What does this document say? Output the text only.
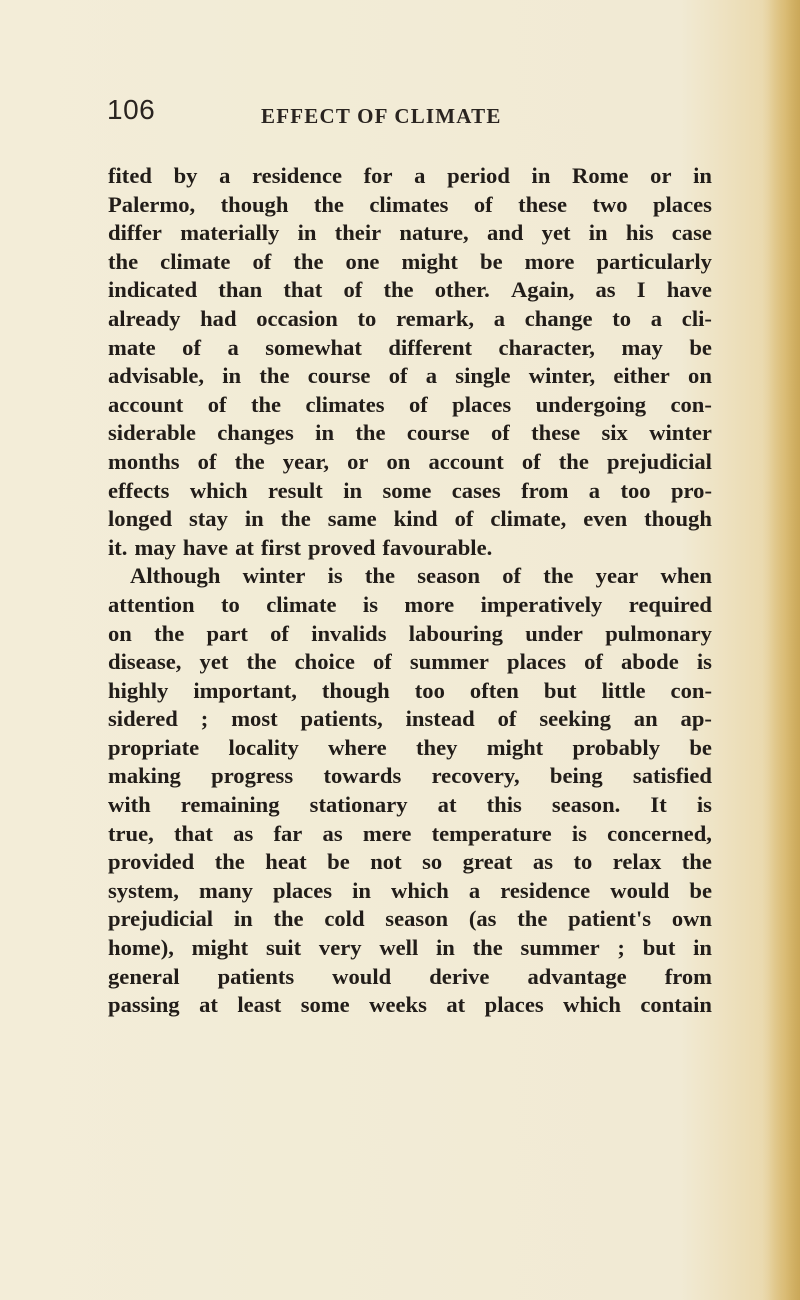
106	EFFECT OF CLIMATE
fited by a residence for a period in Rome or in
Palermo, though the climates of these two places
differ materially in their nature, and yet in his case
the climate of the one might be more particularly
indicated than that of the other. Again, as I have
already had occasion to remark, a change to a cli-
mate of a somewhat different character, may be
advisable, in the course of a single winter, either on
account of the climates of places undergoing con-
siderable changes in the course of these six winter
months of the year, or on account of the prejudicial
effects which result in some cases from a too pro-
longed stay in the same kind of climate, even though
it. may have at first proved favourable.
Although winter is the season of the year when
attention to climate is more imperatively required
on the part of invalids labouring under pulmonary
disease, yet the choice of summer places of abode is
highly important, though too often but little con-
sidered ; most patients, instead of seeking an ap-
propriate locality where they might probably be
making progress towards recovery, being satisfied
with remaining stationary at this season. It is
true, that as far as mere temperature is concerned,
provided the heat be not so great as to relax the
system, many places in which a residence would be
prejudicial in the cold season (as the patient's own
home), might suit very well in the summer ; but in
general patients would derive advantage from
passing at least some weeks at places which contain
